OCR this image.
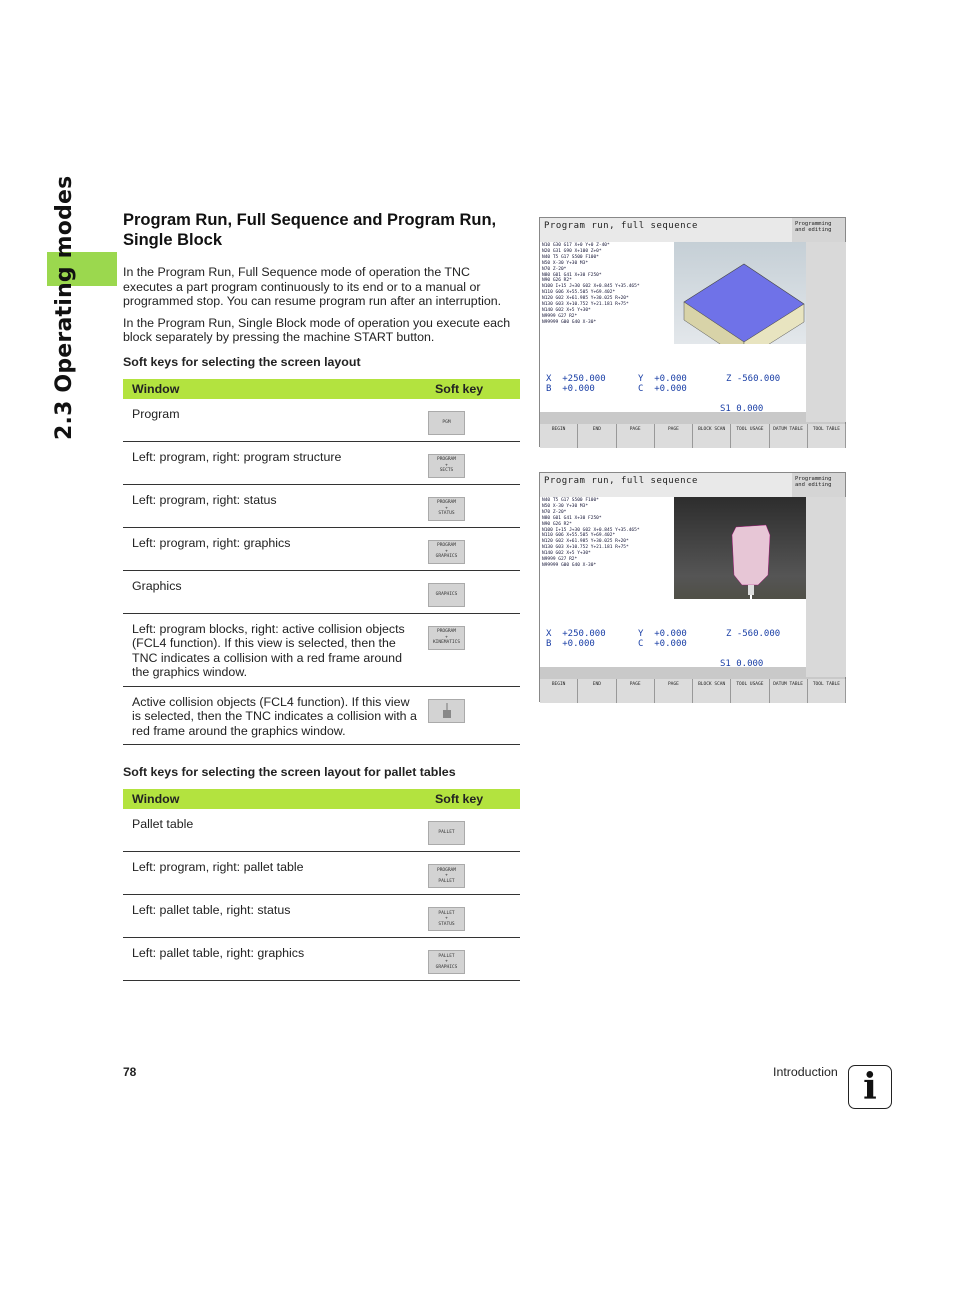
2.3 Operating modes	Program Run, Full Sequence and Program Run, Single Block

In the Program Run, Full Sequence mode of operation the TNC executes a part program continuously to its end or to a manual or programmed stop. You can resume program run after an interruption.

In the Program Run, Single Block mode of operation you execute each block separately by pressing the machine START button.

Soft keys for selecting the screen layout
Window	Soft key
Program	PGM

Left: program, right: program structure	PROGRAM
+
SECTS

Left: program, right: status	PROGRAM
+
STATUS

Left: program, right: graphics	PROGRAM
+
GRAPHICS

Graphics	GRAPHICS

Left: program blocks, right: active collision objects (FCL4 function). If this view is selected, then the TNC indicates a collision with a red frame around the graphics window.	PROGRAM
+
KINEMATICS

Active collision objects (FCL4 function). If this view is selected, then the TNC indicates a collision with a red frame around the graphics window.	
Soft keys for selecting the screen layout for pallet tables
Window	Soft key
Pallet table	PALLET

Left: program, right: pallet table	PROGRAM
+
PALLET

Left: pallet table, right: status	PALLET
+
STATUS

Left: pallet table, right: graphics	PALLET
+
GRAPHICS
Program run, full sequence	Programming and editing
N10 G30 G17 X+0 Y+0 Z-40*
N20 G31 G90 X+100 Z+0*
N40 T5 G17 S500 F100*
N50 X-30 Y+30 M3*
N70 Z-20*
N80 G01 G41 X+30 F250*
N90 G26 R2*
N100 I+15 J+30 G02 X+0.845 Y+35.465*
N110 G06 X+55.505 Y+69.402*
N120 G02 X+61.985 Y+30.025 R+20*
N130 G03 X+10.752 Y+21.181 R+75*
N140 G02 X+5 Y+30*
N9999 G27 R2*
N99999 G00 G40 X-30*
X +250.000	Y +0.000	Z -560.000
B +0.000	C +0.000
S1 0.000
BEGIN	END	PAGE	PAGE	BLOCK SCAN	TOOL USAGE	DATUM TABLE	TOOL TABLE
Program run, full sequence	Programming and editing
N40 T5 G17 S500 F100*
N50 X-30 Y+30 M3*
N70 Z-20*
N80 G01 G41 X+30 F250*
N90 G26 R2*
N100 I+15 J+30 G02 X+0.845 Y+35.465*
N110 G06 X+55.505 Y+69.402*
N120 G02 X+61.985 Y+30.025 R+20*
N130 G03 X+10.752 Y+21.181 R+75*
N140 G02 X+5 Y+30*
N9999 G27 R2*
N99999 G00 G40 X-30*
X +250.000	Y +0.000	Z -560.000
B +0.000	C +0.000
S1 0.000
BEGIN	END	PAGE	PAGE	BLOCK SCAN	TOOL USAGE	DATUM TABLE	TOOL TABLE
78	Introduction i
